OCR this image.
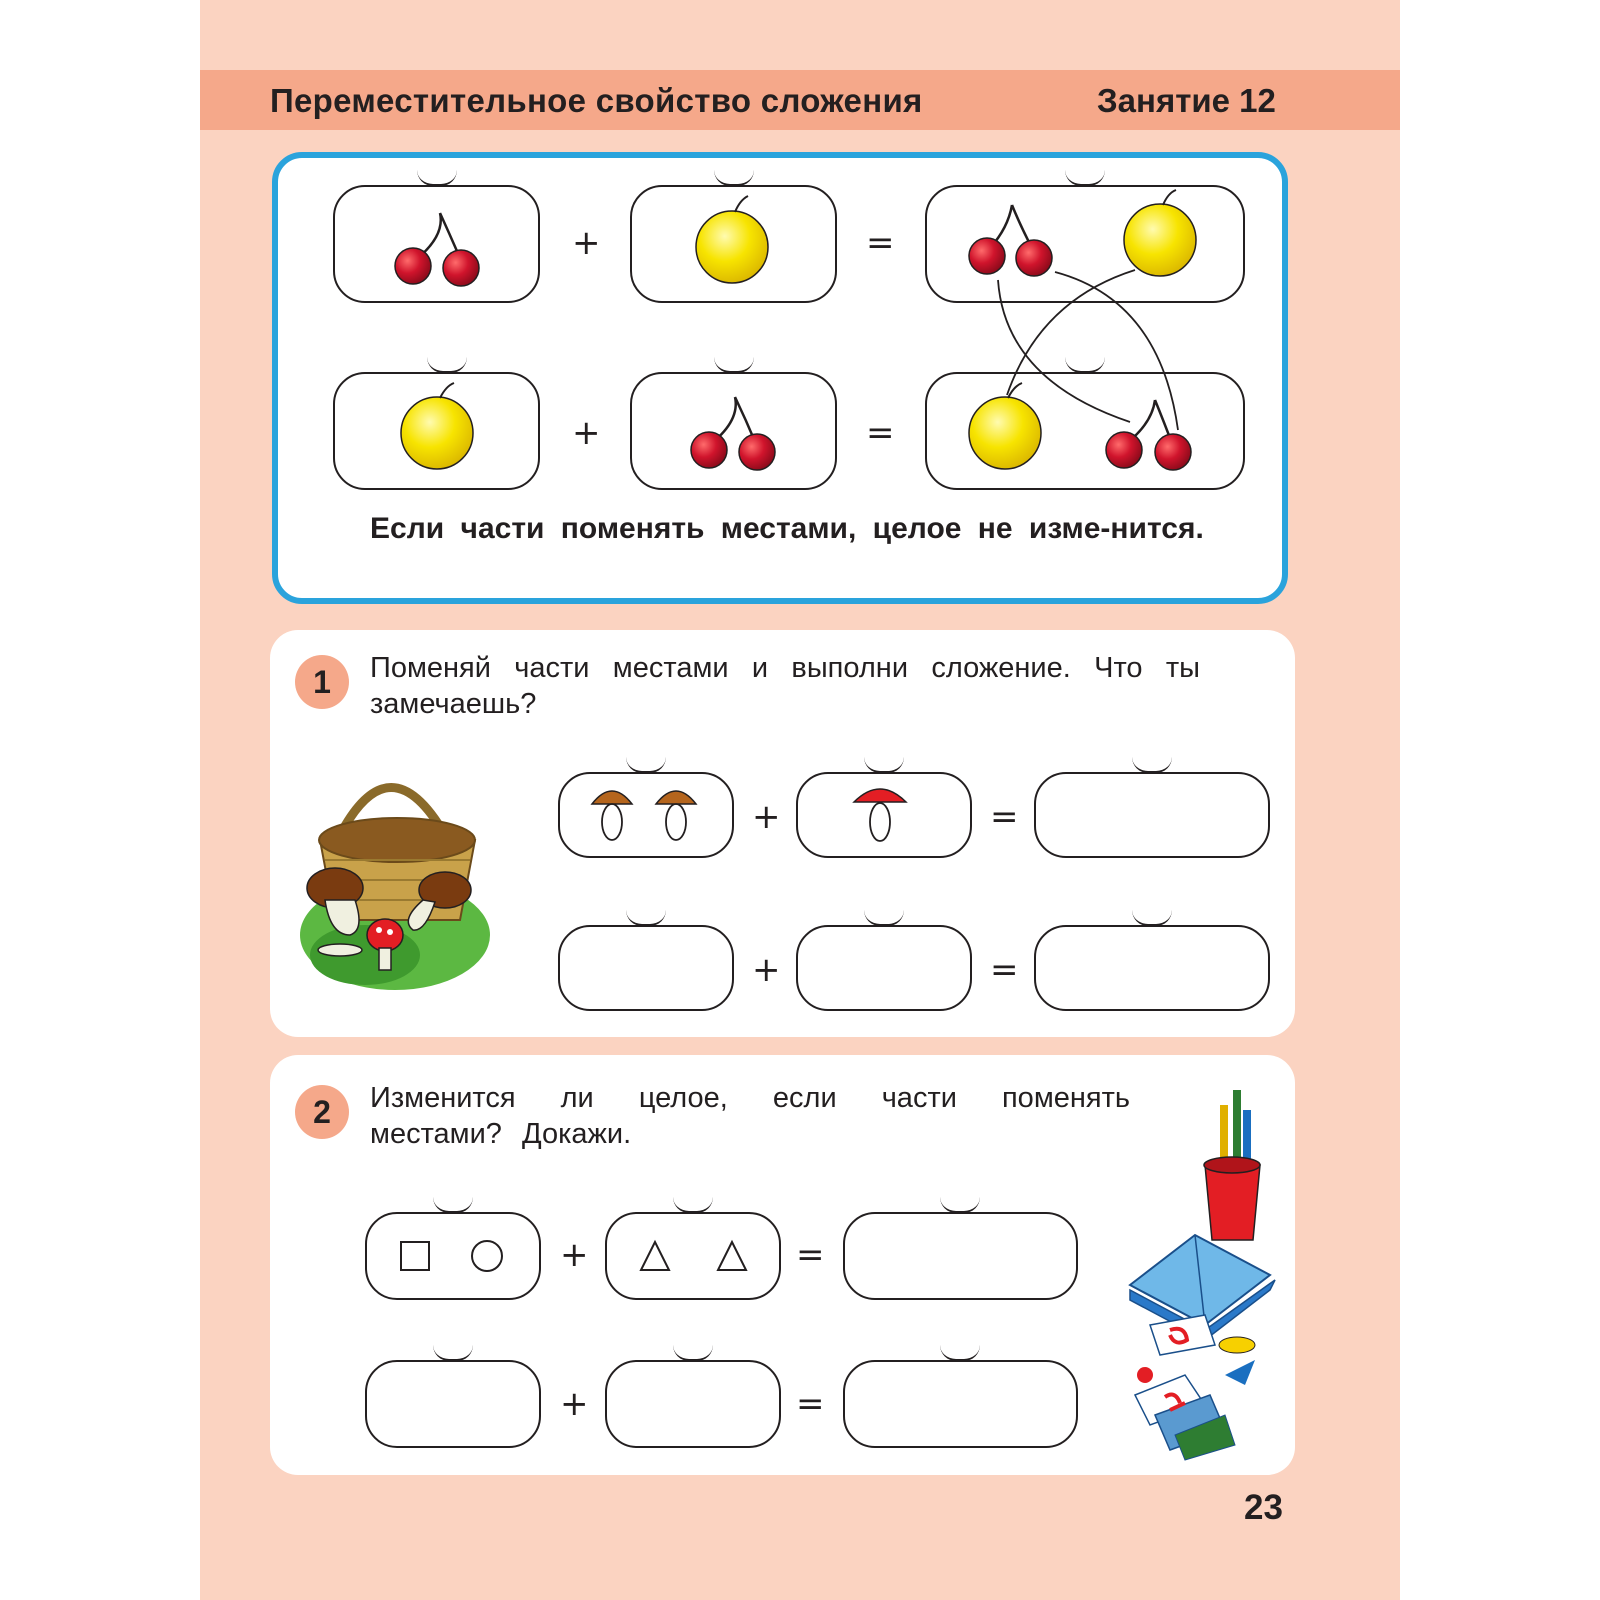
Переместительное свойство сложения	Занятие 12
+	=
+	=
Если части поменять местами, целое не изме-нится.
1	Поменяй части местами и выполни сложение. Что ты замечаешь?
+	=
+	=
2	Изменится ли целое, если части поменять местами? Докажи.
+	=
+	=
23
